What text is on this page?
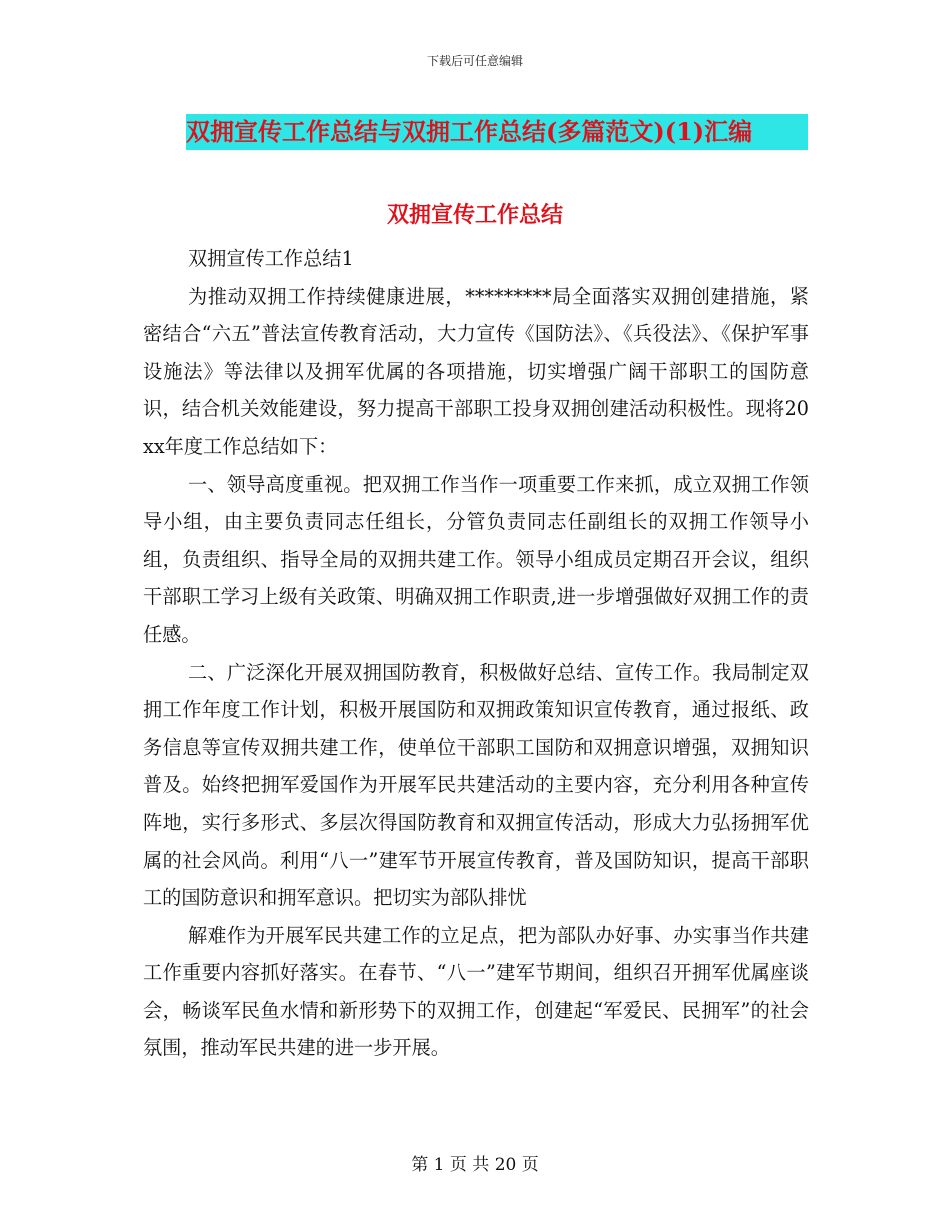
下载后可任意编辑
双拥宣传工作总结与双拥工作总结(多篇范文)(1)汇编
双拥宣传工作总结

双拥宣传工作总结1

为推动双拥工作持续健康进展，*********局全面落实双拥创建措施，紧密结合“六五”普法宣传教育活动，大力宣传《国防法》、《兵役法》、《保护军事设施法》等法律以及拥军优属的各项措施，切实增强广阔干部职工的国防意识，结合机关效能建设，努力提高干部职工投身双拥创建活动积极性。现将20xx年度工作总结如下：

一、领导高度重视。把双拥工作当作一项重要工作来抓，成立双拥工作领导小组，由主要负责同志任组长，分管负责同志任副组长的双拥工作领导小组，负责组织、指导全局的双拥共建工作。领导小组成员定期召开会议，组织干部职工学习上级有关政策、明确双拥工作职责,进一步增强做好双拥工作的责任感。

二、广泛深化开展双拥国防教育，积极做好总结、宣传工作。我局制定双拥工作年度工作计划，积极开展国防和双拥政策知识宣传教育，通过报纸、政务信息等宣传双拥共建工作，使单位干部职工国防和双拥意识增强，双拥知识普及。始终把拥军爱国作为开展军民共建活动的主要内容，充分利用各种宣传阵地，实行多形式、多层次得国防教育和双拥宣传活动，形成大力弘扬拥军优属的社会风尚。利用“八一”建军节开展宣传教育，普及国防知识，提高干部职工的国防意识和拥军意识。把切实为部队排忧

解难作为开展军民共建工作的立足点，把为部队办好事、办实事当作共建工作重要内容抓好落实。在春节、“八一”建军节期间，组织召开拥军优属座谈会，畅谈军民鱼水情和新形势下的双拥工作，创建起“军爱民、民拥军”的社会氛围，推动军民共建的进一步开展。

第 1 页 共 20 页
